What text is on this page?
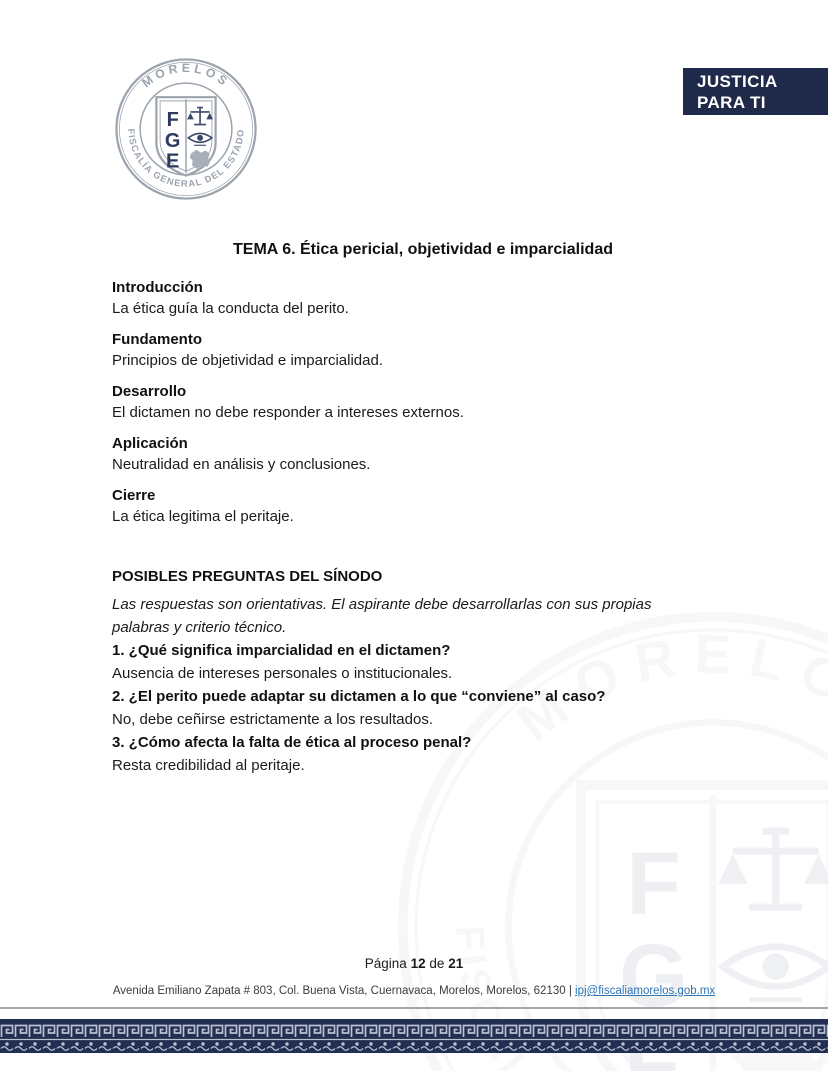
JUSTICIA
PARA TI
TEMA 6. Ética pericial, objetividad e imparcialidad
Introducción
La ética guía la conducta del perito.
Fundamento
Principios de objetividad e imparcialidad.
Desarrollo
El dictamen no debe responder a intereses externos.
Aplicación
Neutralidad en análisis y conclusiones.
Cierre
La ética legitima el peritaje.
POSIBLES PREGUNTAS DEL SÍNODO
Las respuestas son orientativas. El aspirante debe desarrollarlas con sus propias palabras y criterio técnico.
1. ¿Qué significa imparcialidad en el dictamen?
Ausencia de intereses personales o institucionales.
2. ¿El perito puede adaptar su dictamen a lo que “conviene” al caso?
No, debe ceñirse estrictamente a los resultados.
3. ¿Cómo afecta la falta de ética al proceso penal?
Resta credibilidad al peritaje.
Página 12 de 21
Avenida Emiliano Zapata # 803, Col. Buena Vista, Cuernavaca, Morelos, Morelos, 62130 | ipj@fiscaliamorelos.gob.mx
